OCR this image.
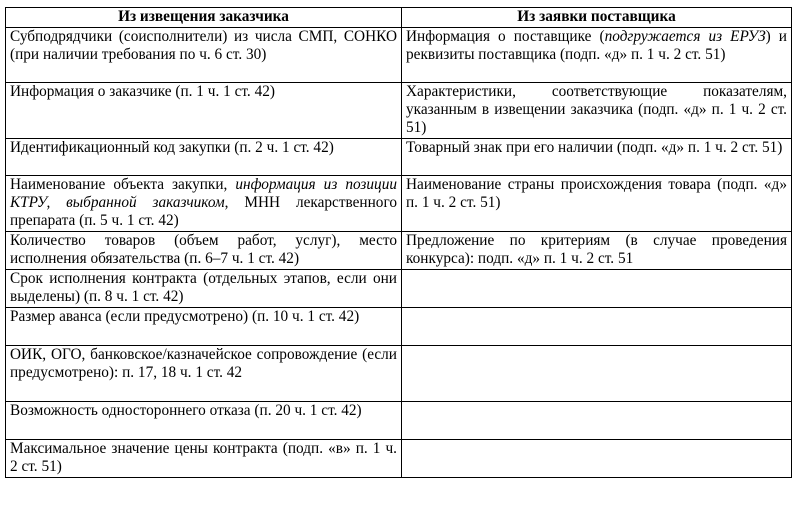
Из извещения заказчика	Из заявки поставщика
Субподрядчики (соисполнители) из числа СМП, СОНКО (при наличии требования по ч. 6 ст. 30)	Информация о поставщике (подгружается из ЕРУЗ) и реквизиты поставщика (подп. «д» п. 1 ч. 2 ст. 51)
Информация о заказчике (п. 1 ч. 1 ст. 42)	Характеристики, соответствующие показателям, указанным в извещении заказчика (подп. «д» п. 1 ч. 2 ст. 51)
Идентификационный код закупки (п. 2 ч. 1 ст. 42)	Товарный знак при его наличии (подп. «д» п. 1 ч. 2 ст. 51)
Наименование объекта закупки, информация из позиции КТРУ, выбранной заказчиком, МНН лекарственного препарата (п. 5 ч. 1 ст. 42)	Наименование страны происхождения товара (подп. «д» п. 1 ч. 2 ст. 51)
Количество товаров (объем работ, услуг), место исполнения обязательства (п. 6–7 ч. 1 ст. 42)	Предложение по критериям (в случае проведения конкурса): подп. «д» п. 1 ч. 2 ст. 51
Срок исполнения контракта (отдельных этапов, если они выделены) (п. 8 ч. 1 ст. 42)	
Размер аванса (если предусмотрено) (п. 10 ч. 1 ст. 42)	
ОИК, ОГО, банковское/казначейское сопровождение (если предусмотрено): п. 17, 18 ч. 1 ст. 42	
Возможность одностороннего отказа (п. 20 ч. 1 ст. 42)	
Максимальное значение цены контракта (подп. «в» п. 1 ч. 2 ст. 51)	
